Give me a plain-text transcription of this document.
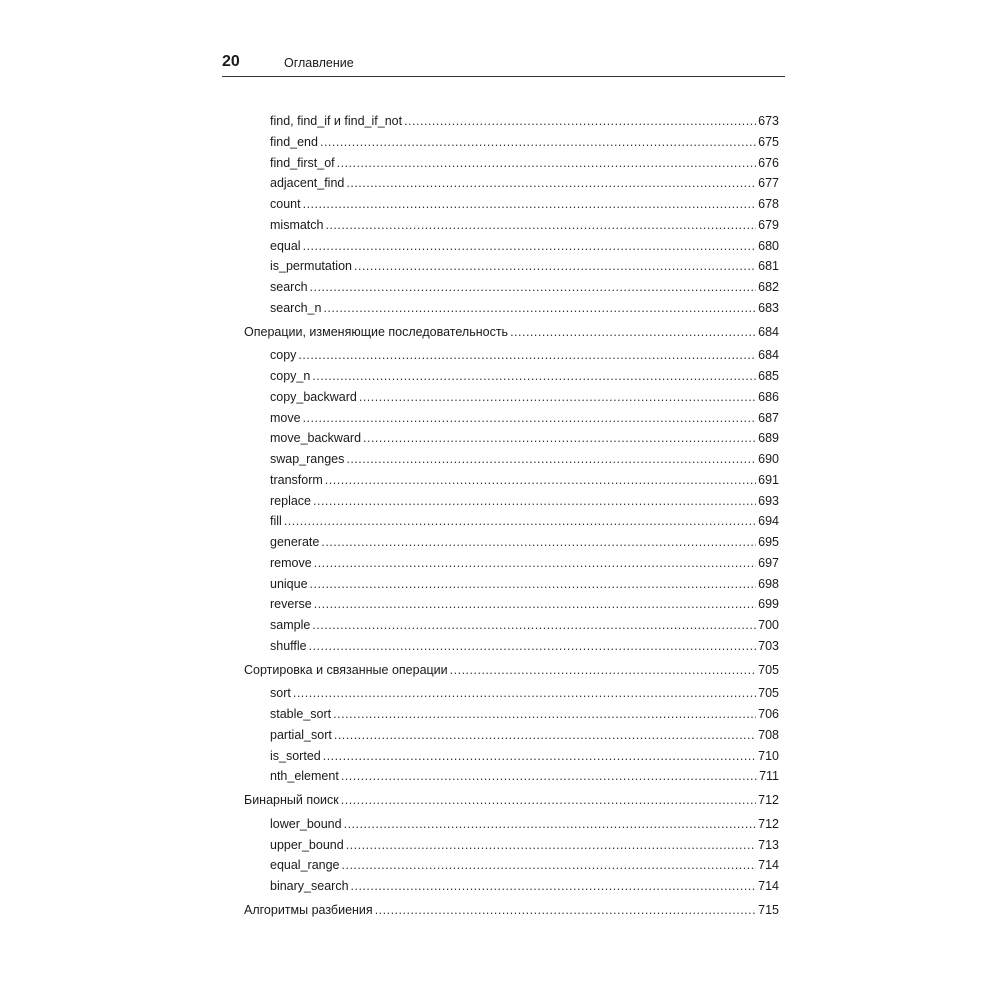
20	Оглавление
find, find_if и find_if_not .....	673
find_end .....	675
find_first_of .....	676
adjacent_find .....	677
count .....	678
mismatch .....	679
equal .....	680
is_permutation .....	681
search .....	682
search_n .....	683
Операции, изменяющие последовательность .....	684
copy .....	684
copy_n .....	685
copy_backward .....	686
move .....	687
move_backward .....	689
swap_ranges .....	690
transform .....	691
replace .....	693
fill .....	694
generate .....	695
remove .....	697
unique .....	698
reverse .....	699
sample .....	700
shuffle .....	703
Сортировка и связанные операции .....	705
sort .....	705
stable_sort .....	706
partial_sort .....	708
is_sorted .....	710
nth_element .....	711
Бинарный поиск .....	712
lower_bound .....	712
upper_bound .....	713
equal_range .....	714
binary_search .....	714
Алгоритмы разбиения .....	715
